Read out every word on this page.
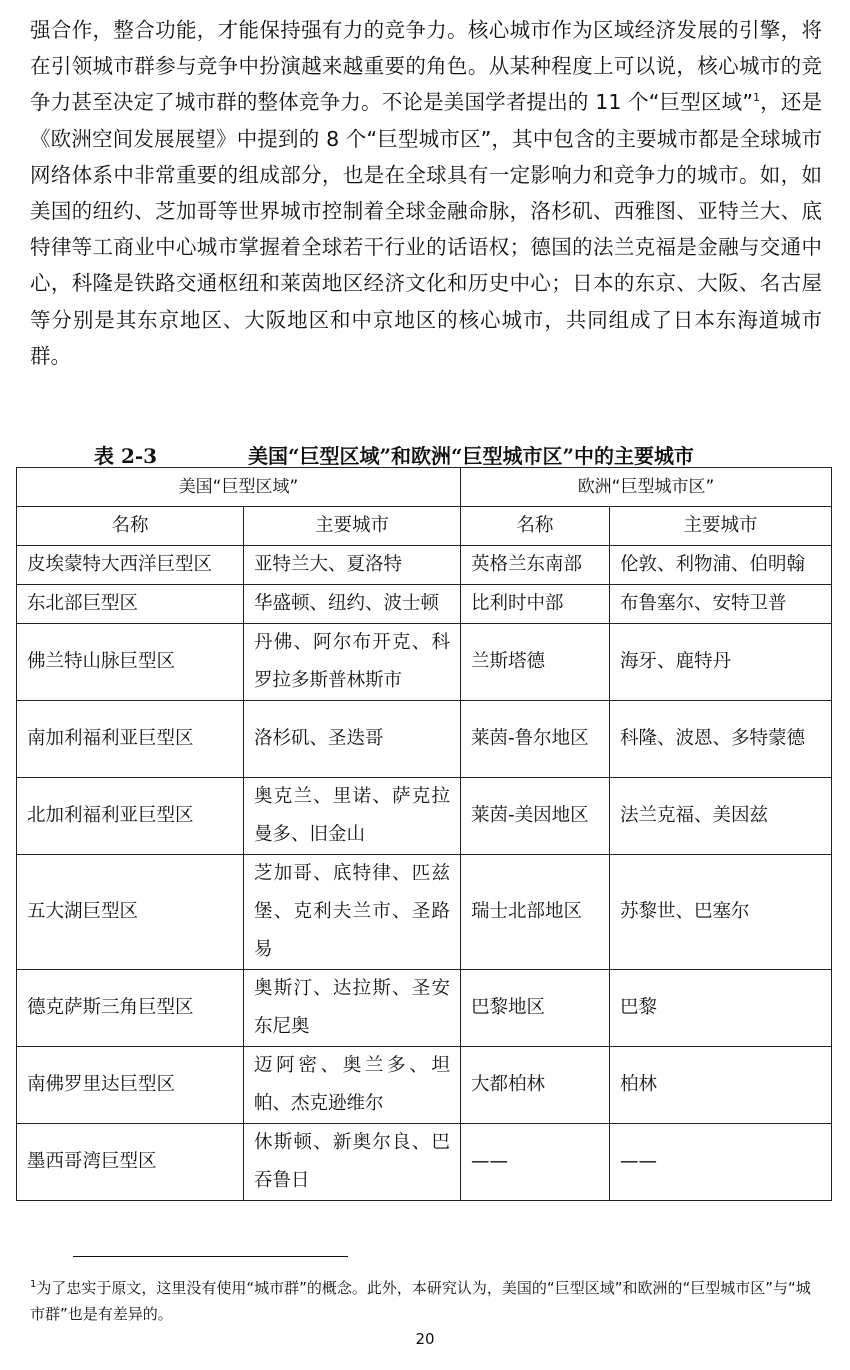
强合作，整合功能，才能保持强有力的竞争力。核心城市作为区域经济发展的引擎，将在引领城市群参与竞争中扮演越来越重要的角色。从某种程度上可以说，核心城市的竞争力甚至决定了城市群的整体竞争力。不论是美国学者提出的 11 个“巨型区域”$^1$，还是《欧洲空间发展展望》中提到的 8 个“巨型城市区”，其中包含的主要城市都是全球城市网络体系中非常重要的组成部分，也是在全球具有一定影响力和竞争力的城市。如，如美国的纽约、芝加哥等世界城市控制着全球金融命脉，洛杉矶、西雅图、亚特兰大、底特律等工商业中心城市掌握着全球若干行业的话语权；德国的法兰克福是金融与交通中心，科隆是铁路交通枢纽和莱茵地区经济文化和历史中心；日本的东京、大阪、名古屋等分别是其东京地区、大阪地区和中京地区的核心城市，共同组成了日本东海道城市群。
表 2-3	美国“巨型区域”和欧洲“巨型城市区”中的主要城市
美国“巨型区域”		欧洲“巨型城市区”	
名称	主要城市	名称	主要城市
皮埃蒙特大西洋巨型区	亚特兰大、夏洛特	英格兰东南部	伦敦、利物浦、伯明翰
东北部巨型区	华盛顿、纽约、波士顿	比利时中部	布鲁塞尔、安特卫普
佛兰特山脉巨型区	丹佛、阿尔布开克、科罗拉多斯普林斯市	兰斯塔德	海牙、鹿特丹
南加利福利亚巨型区	洛杉矶、圣迭哥	莱茵-鲁尔地区	科隆、波恩、多特蒙德
北加利福利亚巨型区	奥克兰、里诺、萨克拉曼多、旧金山	莱茵-美因地区	法兰克福、美因兹
五大湖巨型区	芝加哥、底特律、匹兹堡、克利夫兰市、圣路易	瑞士北部地区	苏黎世、巴塞尔
德克萨斯三角巨型区	奥斯汀、达拉斯、圣安东尼奥	巴黎地区	巴黎
南佛罗里达巨型区	迈阿密、奥兰多、坦帕、杰克逊维尔	大都柏林	柏林
墨西哥湾巨型区	休斯顿、新奥尔良、巴吞鲁日	——	——
$^1$为了忠实于原文，这里没有使用“城市群”的概念。此外，本研究认为，美国的“巨型区域”和欧洲的“巨型城市区”与“城市群”也是有差异的。
20
